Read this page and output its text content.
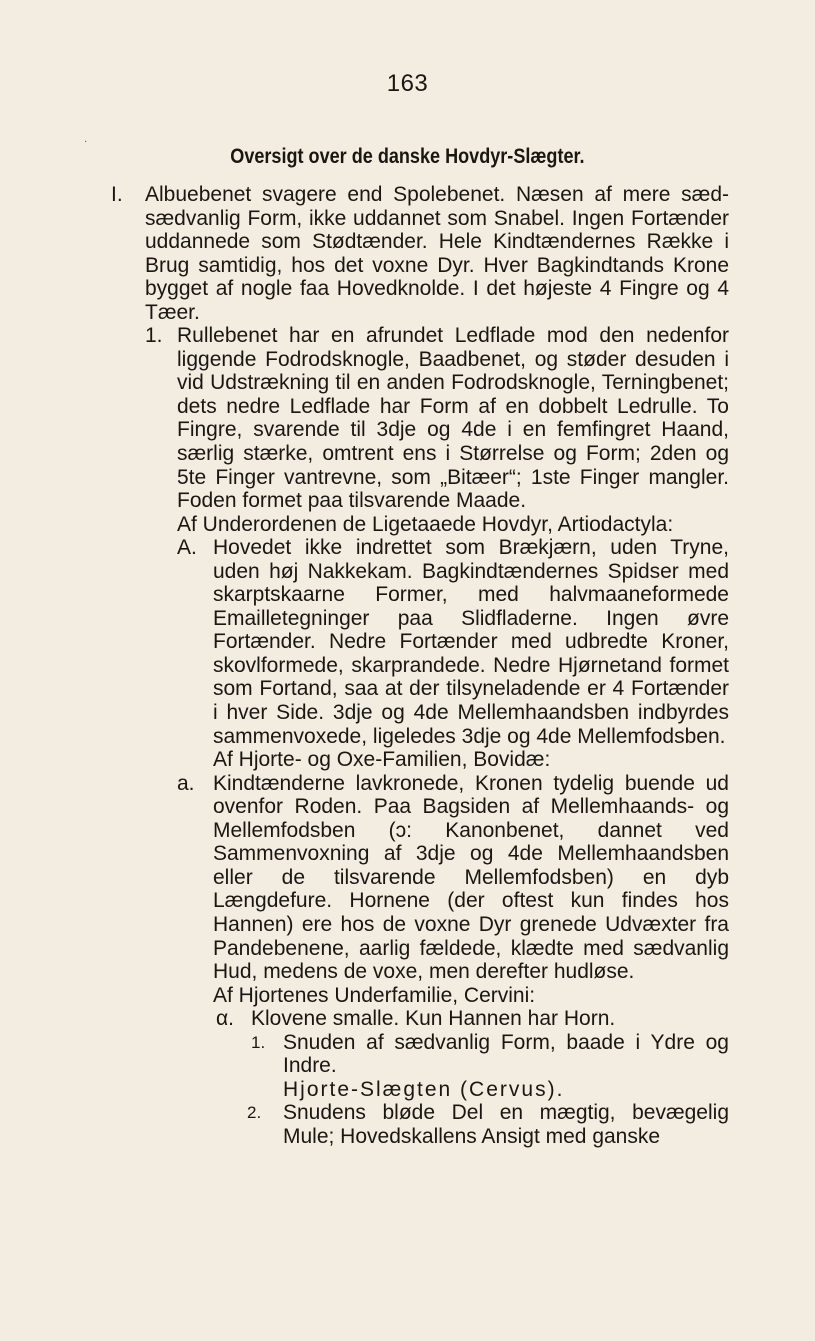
·
163
Oversigt over de danske Hovdyr-Slægter.

I. Albuebenet svagere end Spolebenet. Næsen af mere sæd-sædvanlig Form, ikke uddannet som Snabel. Ingen Fortænder uddannede som Stødtænder. Hele Kindtændernes Række i Brug samtidig, hos det voxne Dyr. Hver Bagkindtands Krone bygget af nogle faa Hovedknolde. I det højeste 4 Fingre og 4 Tæer.

1. Rullebenet har en afrundet Ledflade mod den nedenfor liggende Fodrodsknogle, Baadbenet, og støder desuden i vid Udstrækning til en anden Fodrodsknogle, Terningbenet; dets nedre Ledflade har Form af en dobbelt Ledrulle. To Fingre, svarende til 3dje og 4de i en femfingret Haand, særlig stærke, omtrent ens i Størrelse og Form; 2den og 5te Finger vantrevne, som „Bitæer“; 1ste Finger mangler. Foden formet paa tilsvarende Maade.

Af Underordenen de Ligetaaede Hovdyr, Artiodactyla:

A. Hovedet ikke indrettet som Brækjærn, uden Tryne, uden høj Nakkekam. Bagkindtændernes Spidser med skarptskaarne Former, med halvmaaneformede Emailletegninger paa Slidfladerne. Ingen øvre Fortænder. Nedre Fortænder med udbredte Kroner, skovlformede, skarprandede. Nedre Hjørnetand formet som Fortand, saa at der tilsyneladende er 4 Fortænder i hver Side. 3dje og 4de Mellemhaandsben indbyrdes sammenvoxede, ligeledes 3dje og 4de Mellemfodsben.

Af Hjorte- og Oxe-Familien, Bovidæ:

a. Kindtænderne lavkronede, Kronen tydelig buende ud ovenfor Roden. Paa Bagsiden af Mellemhaands- og Mellemfodsben (ɔ: Kanonbenet, dannet ved Sammenvoxning af 3dje og 4de Mellemhaandsben eller de tilsvarende Mellemfodsben) en dyb Længdefure. Hornene (der oftest kun findes hos Hannen) ere hos de voxne Dyr grenede Udvæxter fra Pandebenene, aarlig fældede, klædte med sædvanlig Hud, medens de voxe, men derefter hudløse.

Af Hjortenes Underfamilie, Cervini:

α. Klovene smalle. Kun Hannen har Horn.

1. Snuden af sædvanlig Form, baade i Ydre og Indre.

Hjorte-Slægten (Cervus).

2. Snudens bløde Del en mægtig, bevægelig Mule; Hovedskallens Ansigt med ganske
